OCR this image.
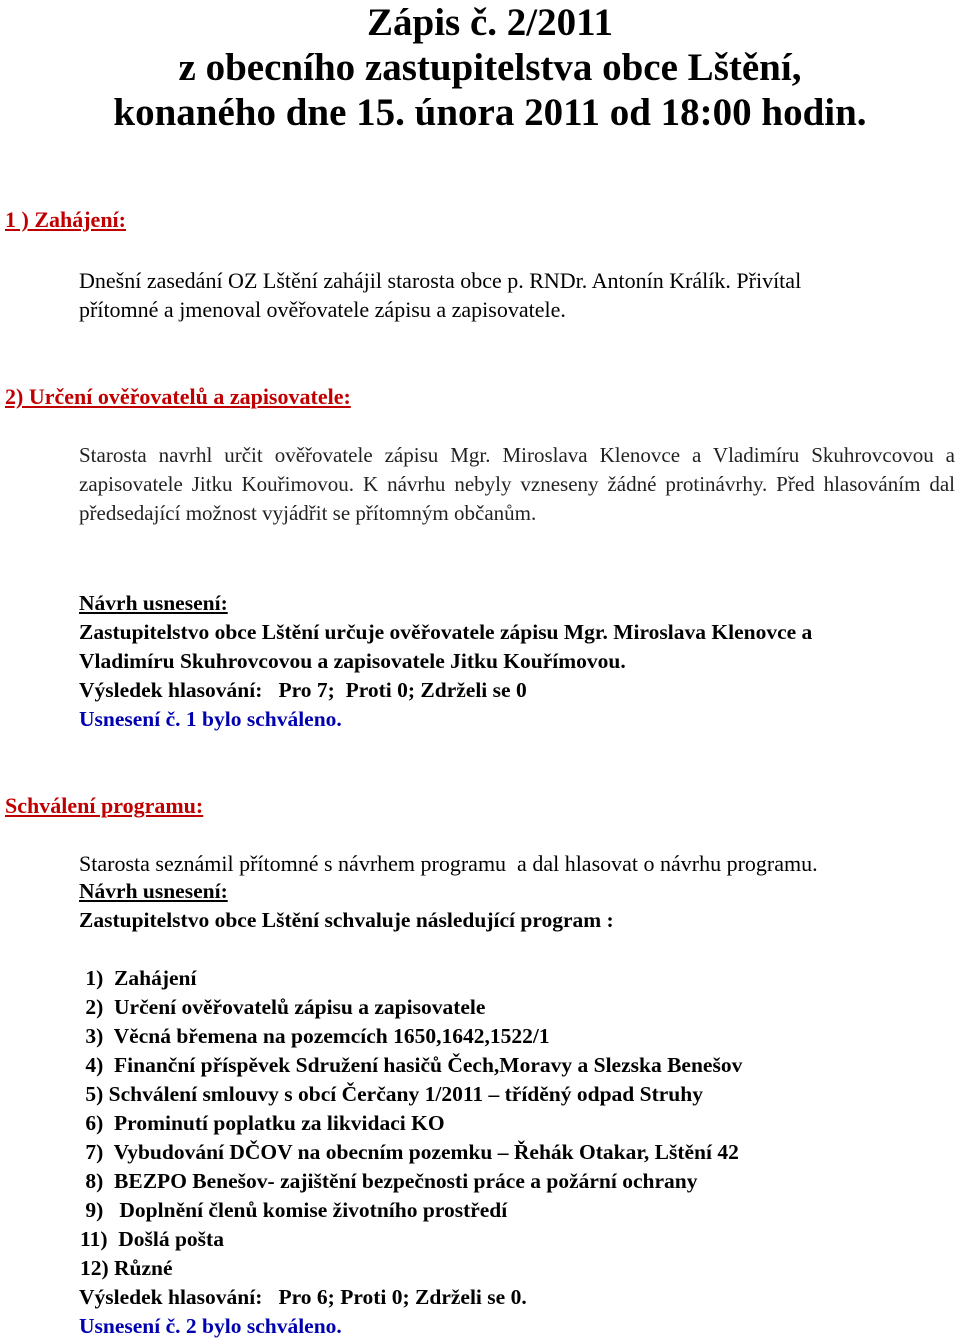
Zápis č. 2/2011
z obecního zastupitelstva obce Lštění,
konaného dne 15. února 2011 od 18:00 hodin.
1 ) Zahájení:
Dnešní zasedání OZ Lštění zahájil starosta obce p. RNDr. Antonín Králík. Přivítal
přítomné a jmenoval ověřovatele zápisu a zapisovatele.
2) Určení ověřovatelů a zapisovatele:
Starosta navrhl určit ověřovatele zápisu Mgr. Miroslava Klenovce a Vladimíru Skuhrovcovou a zapisovatele Jitku Kouřimovou. K návrhu nebyly vzneseny žádné protinávrhy. Před hlasováním dal předsedající možnost vyjádřit se přítomným občanům.
Návrh usnesení:
Zastupitelstvo obce Lštění určuje ověřovatele zápisu Mgr. Miroslava Klenovce a
Vladimíru Skuhrovcovou a zapisovatele Jitku Kouřímovou.
Výsledek hlasování:   Pro 7;  Proti 0; Zdrželi se 0
Usnesení č. 1 bylo schváleno.
Schválení programu:
Starosta seznámil přítomné s návrhem programu  a dal hlasovat o návrhu programu.
Návrh usnesení:
Zastupitelstvo obce Lštění schvaluje následující program :
1)  Zahájení
2)  Určení ověřovatelů zápisu a zapisovatele
3)  Věcná břemena na pozemcích 1650,1642,1522/1
4)  Finanční příspěvek Sdružení hasičů Čech,Moravy a Slezska Benešov
5) Schválení smlouvy s obcí Čerčany 1/2011 – tříděný odpad Struhy
6)  Prominutí poplatku za likvidaci KO
7)  Vybudování DČOV na obecním pozemku – Řehák Otakar, Lštění 42
8)  BEZPO Benešov- zajištění bezpečnosti práce a požární ochrany
9)   Doplnění členů komise životního prostředí
11)  Došlá pošta
12) Různé
Výsledek hlasování:   Pro 6; Proti 0; Zdrželi se 0.
Usnesení č. 2 bylo schváleno.
